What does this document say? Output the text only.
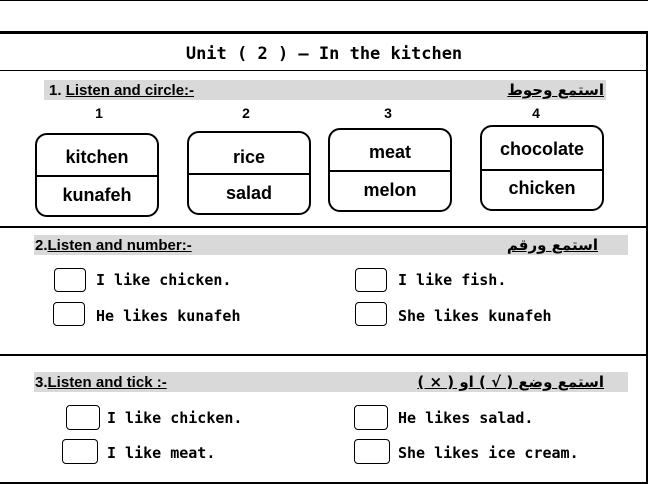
Unit ( 2 ) – In the kitchen
1. Listen and circle:-	استمع وحوط
1	2	3	4
kitchen
kunafeh
rice
salad
meat
melon
chocolate
chicken
2.Listen and number:-	استمع ورقم
I like chicken.	I like fish.
He likes kunafeh	She likes kunafeh
3.Listen and tick :-	استمع وضع ( √ ) او ( × )
I like chicken.	He likes salad.
I like meat.	She likes ice cream.
